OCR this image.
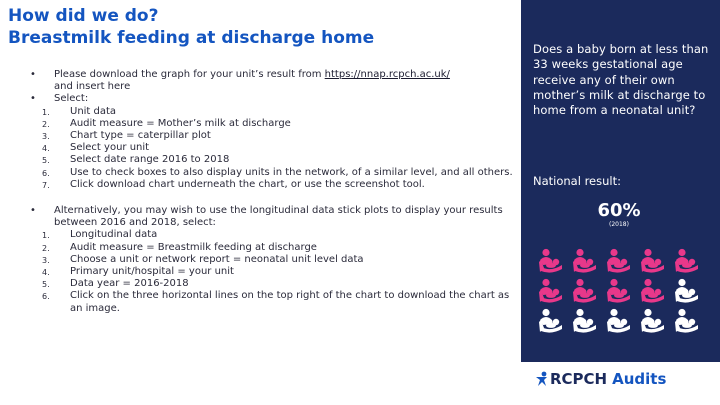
How did we do?
Breastmilk feeding at discharge home
•	Please download the graph for your unit’s result from https://nnap.rcpch.ac.uk/
and insert here
•	Select:
1. Unit data
2. Audit measure = Mother’s milk at discharge
3. Chart type = caterpillar plot
4. Select your unit
5. Select date range 2016 to 2018
6. Use to check boxes to also display units in the network, of a similar level, and all others.
7. Click download chart underneath the chart, or use the screenshot tool.
•	Alternatively, you may wish to use the longitudinal data stick plots to display your results between 2016 and 2018, select:
1. Longitudinal data
2. Audit measure = Breastmilk feeding at discharge
3. Choose a unit or network report = neonatal unit level data
4. Primary unit/hospital = your unit
5. Data year = 2016-2018
6. Click on the three horizontal lines on the top right of the chart to download the chart as an image.
Does a baby born at less than 33 weeks gestational age receive any of their own mother’s milk at discharge to home from a neonatal unit?
National result:
60%
(2018)
RCPCH Audits
